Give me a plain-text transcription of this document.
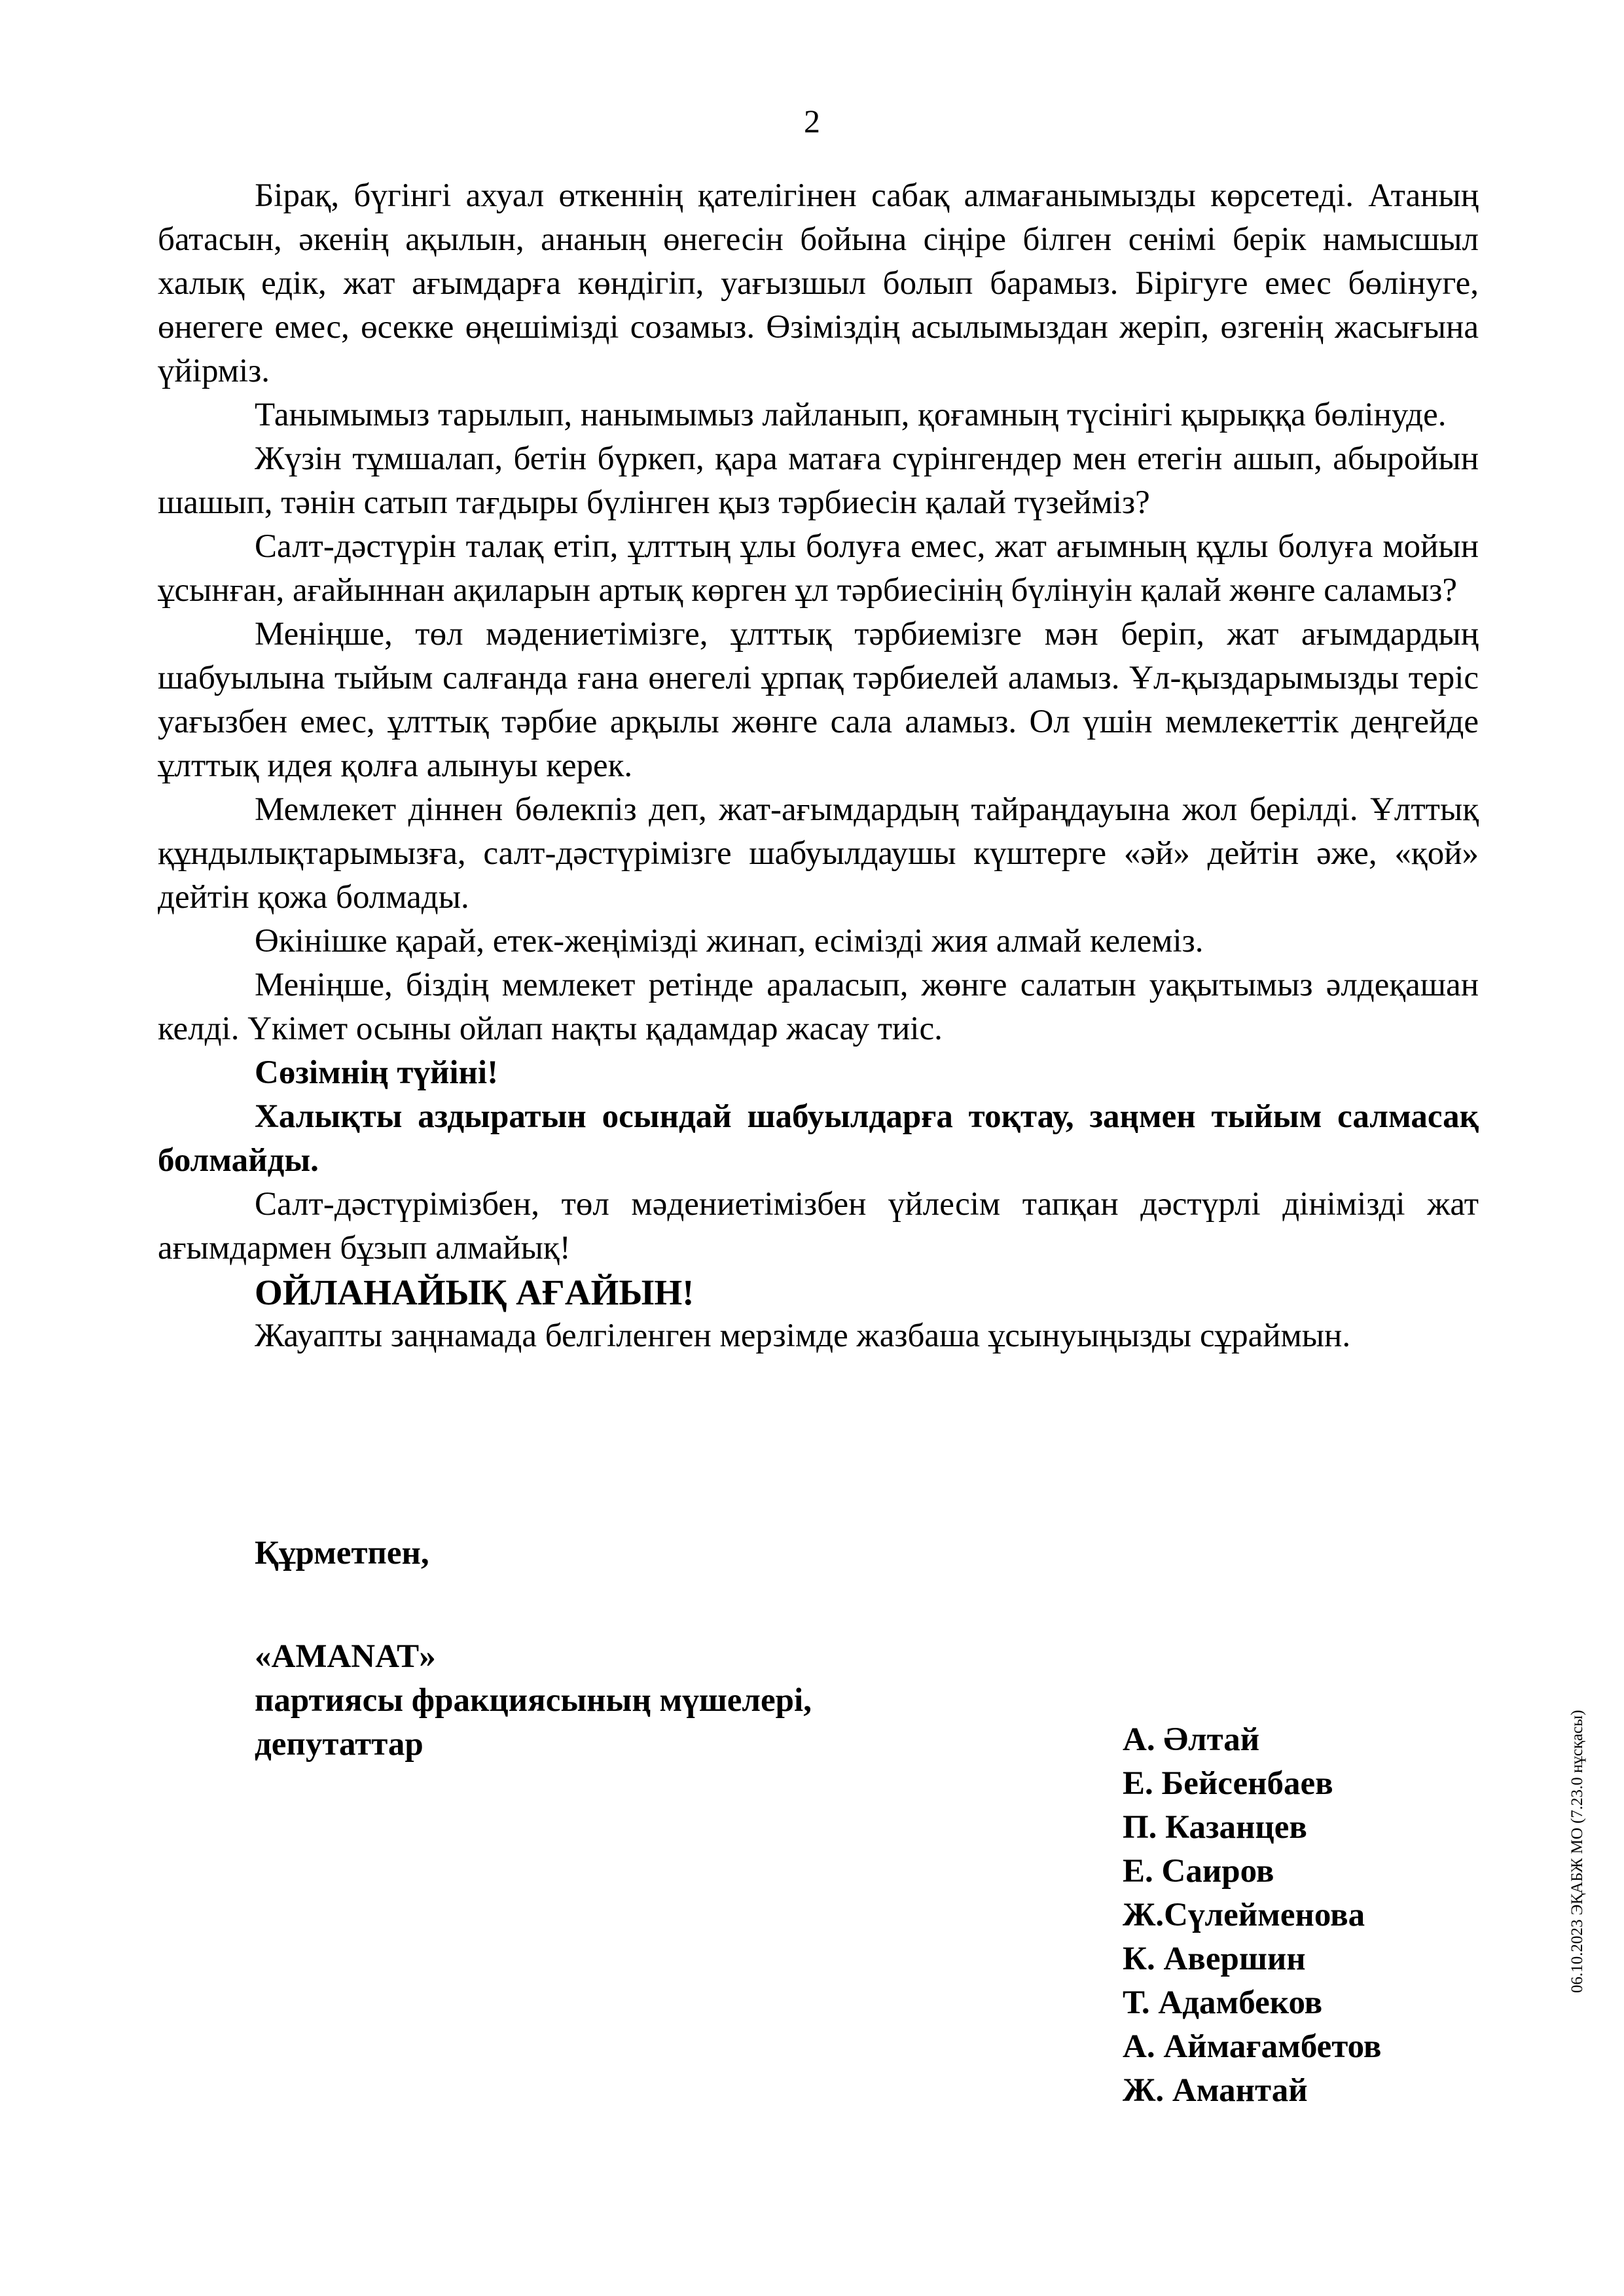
2

Бірақ, бүгінгі ахуал өткеннің қателігінен сабақ алмағанымызды көрсетеді. Атаның батасын, әкенің ақылын, ананың өнегесін бойына сіңіре білген сенімі берік намысшыл халық едік, жат ағымдарға көндігіп, уағызшыл болып барамыз. Бірігуге емес бөлінуге, өнегеге емес, өсекке өңешімізді созамыз. Өзіміздің асылымыздан жеріп, өзгенің жасығына үйірміз.

Танымымыз тарылып, нанымымыз лайланып, қоғамның түсінігі қырыққа бөлінуде.

Жүзін тұмшалап, бетін бүркеп, қара матаға сүрінгендер мен етегін ашып, абыройын шашып, тәнін сатып тағдыры бүлінген қыз тәрбиесін қалай түзейміз?

Салт-дәстүрін талақ етіп, ұлттың ұлы болуға емес, жат ағымның құлы болуға мойын ұсынған, ағайыннан ақиларын артық көрген ұл тәрбиесінің бүлінуін қалай жөнге саламыз?

Меніңше, төл мәдениетімізге, ұлттық тәрбиемізге мән беріп, жат ағымдардың шабуылына тыйым салғанда ғана өнегелі ұрпақ тәрбиелей аламыз. Ұл-қыздарымызды теріс уағызбен емес, ұлттық тәрбие арқылы жөнге сала аламыз. Ол үшін мемлекеттік деңгейде ұлттық идея қолға алынуы керек.

Мемлекет діннен бөлекпіз деп, жат-ағымдардың тайраңдауына жол берілді. Ұлттық құндылықтарымызға, салт-дәстүрімізге шабуылдаушы күштерге «әй» дейтін әже, «қой» дейтін қожа болмады.

Өкінішке қарай, етек-жеңімізді жинап, есімізді жия алмай келеміз.

Меніңше, біздің мемлекет ретінде араласып, жөнге салатын уақытымыз әлдеқашан келді. Үкімет осыны ойлап нақты қадамдар жасау тиіс.

Сөзімнің түйіні!

Халықты аздыратын осындай шабуылдарға тоқтау, заңмен тыйым салмасақ болмайды.

Салт-дәстүрімізбен, төл мәдениетімізбен үйлесім тапқан дәстүрлі дінімізді жат ағымдармен бұзып алмайық!

ОЙЛАНАЙЫҚ АҒАЙЫН!

Жауапты заңнамада белгіленген мерзімде жазбаша ұсынуыңызды сұраймын.

Құрметпен,
«AMANAT»
партиясы фракциясының мүшелері,
депутаттар	А. Әлтай
Е. Бейсенбаев
П. Казанцев
Е. Саиров
Ж.Сүлейменова
К. Авершин
Т. Адамбеков
А. Аймағамбетов
Ж. Амантай
06.10.2023 ЭҚАБЖ МО (7.23.0 нұсқасы)
